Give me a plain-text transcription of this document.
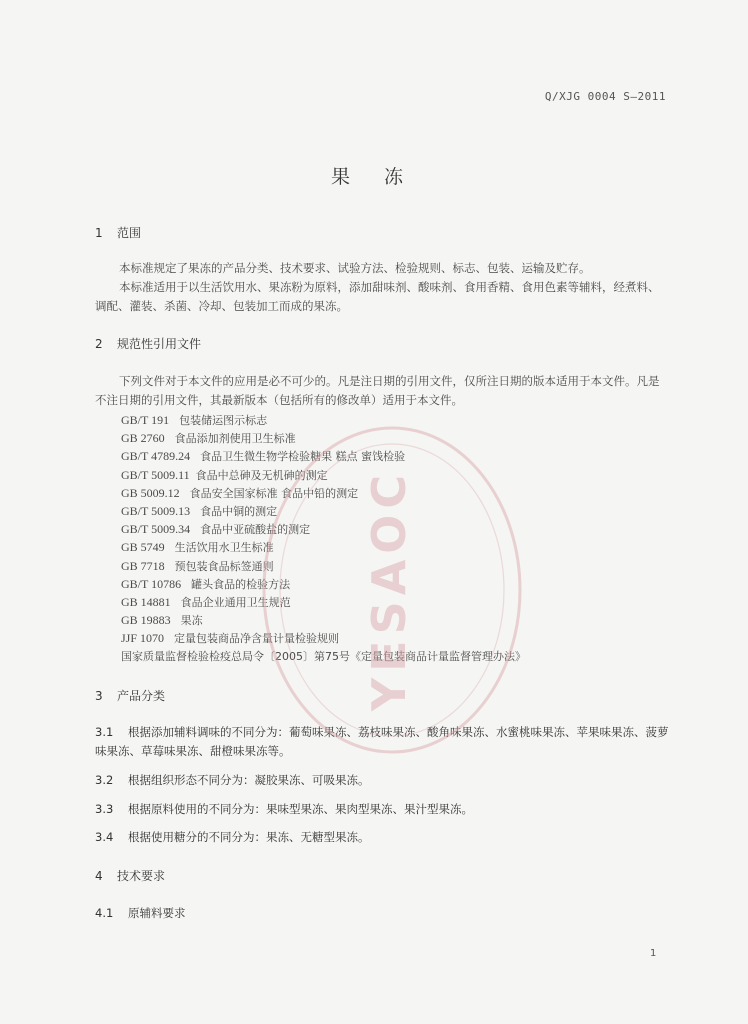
Q/XJG 0004 S—2011
果 冻
1 范围

本标准规定了果冻的产品分类、技术要求、试验方法、检验规则、标志、包装、运输及贮存。

本标准适用于以生活饮用水、果冻粉为原料，添加甜味剂、酸味剂、食用香精、食用色素等辅料，经煮料、调配、灌装、杀菌、冷却、包装加工而成的果冻。

2 规范性引用文件

下列文件对于本文件的应用是必不可少的。凡是注日期的引用文件，仅所注日期的版本适用于本文件。凡是不注日期的引用文件，其最新版本（包括所有的修改单）适用于本文件。

GB/T 191 包装储运图示标志
GB 2760 食品添加剂使用卫生标准
GB/T 4789.24 食品卫生微生物学检验糖果 糕点 蜜饯检验
GB/T 5009.11 食品中总砷及无机砷的测定
GB 5009.12 食品安全国家标准 食品中铅的测定
GB/T 5009.13 食品中铜的测定
GB/T 5009.34 食品中亚硫酸盐的测定
GB 5749 生活饮用水卫生标准
GB 7718 预包装食品标签通则
GB/T 10786 罐头食品的检验方法
GB 14881 食品企业通用卫生规范
GB 19883 果冻
JJF 1070 定量包装商品净含量计量检验规则
国家质量监督检验检疫总局令〔2005〕第75号《定量包装商品计量监督管理办法》
3 产品分类

3.1 根据添加辅料调味的不同分为：葡萄味果冻、荔枝味果冻、酸角味果冻、水蜜桃味果冻、苹果味果冻、菠萝味果冻、草莓味果冻、甜橙味果冻等。

3.2 根据组织形态不同分为：凝胶果冻、可吸果冻。

3.3 根据原料使用的不同分为：果味型果冻、果肉型果冻、果汁型果冻。

3.4 根据使用糖分的不同分为：果冻、无糖型果冻。

4 技术要求

4.1 原辅料要求

YESAOC
1
